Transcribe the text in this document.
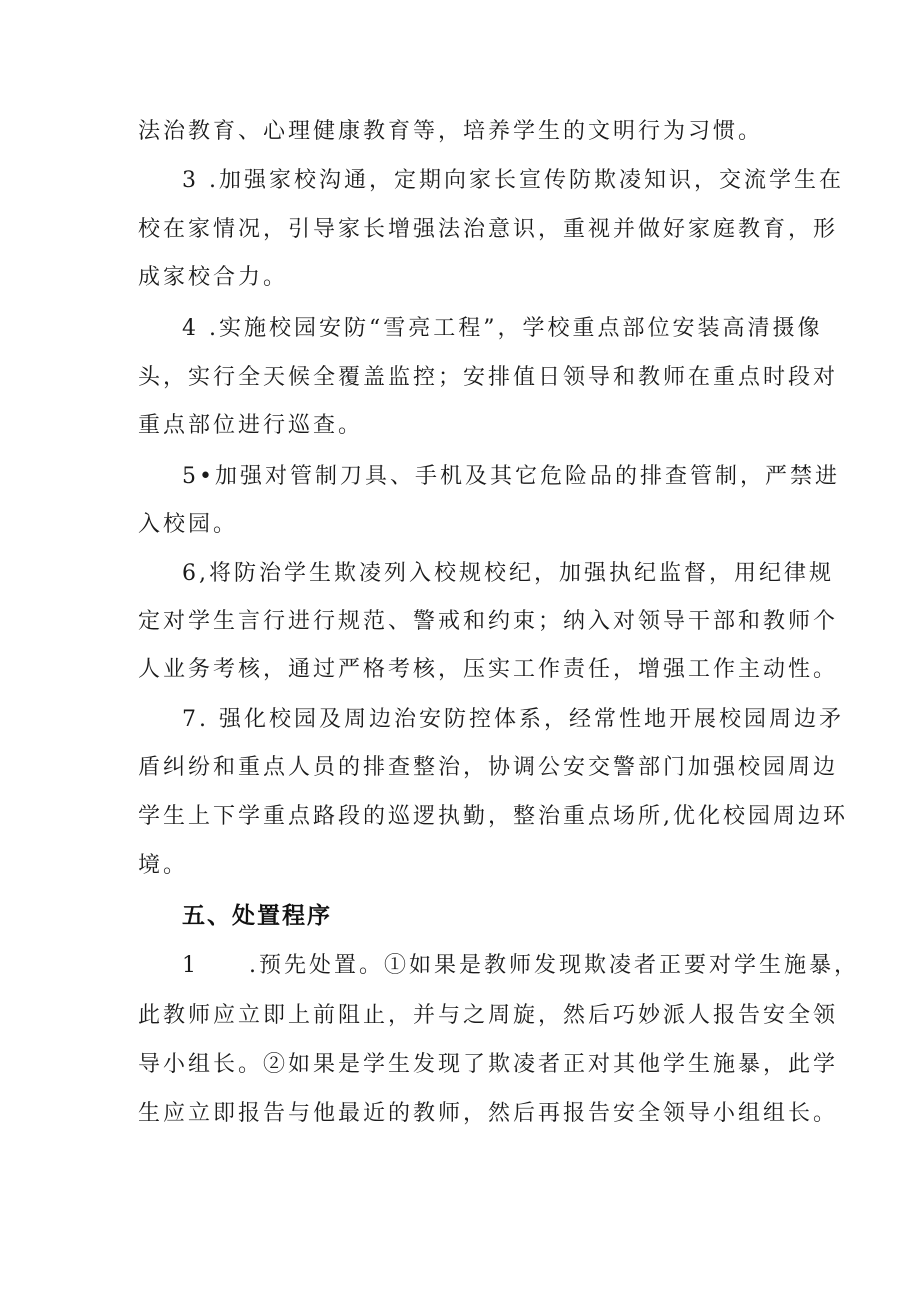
法治教育、心理健康教育等，培养学生的文明行为习惯。
3 .加强家校沟通，定期向家长宣传防欺凌知识，交流学生在
校在家情况，引导家长增强法治意识，重视并做好家庭教育，形
成家校合力。
4 .实施校园安防“雪亮工程”，学校重点部位安装高清摄像
头，实行全天候全覆盖监控；安排值日领导和教师在重点时段对
重点部位进行巡查。
5•加强对管制刀具、手机及其它危险品的排查管制，严禁进
入校园。
6,将防治学生欺凌列入校规校纪，加强执纪监督，用纪律规
定对学生言行进行规范、警戒和约束；纳入对领导干部和教师个
人业务考核，通过严格考核，压实工作责任，增强工作主动性。
7. 强化校园及周边治安防控体系，经常性地开展校园周边矛
盾纠纷和重点人员的排查整治，协调公安交警部门加强校园周边
学生上下学重点路段的巡逻执勤，整治重点场所,优化校园周边环
境。
五、处置程序
1　　.预先处置。①如果是教师发现欺凌者正要对学生施暴，
此教师应立即上前阻止，并与之周旋，然后巧妙派人报告安全领
导小组长。②如果是学生发现了欺凌者正对其他学生施暴，此学
生应立即报告与他最近的教师，然后再报告安全领导小组组长。
